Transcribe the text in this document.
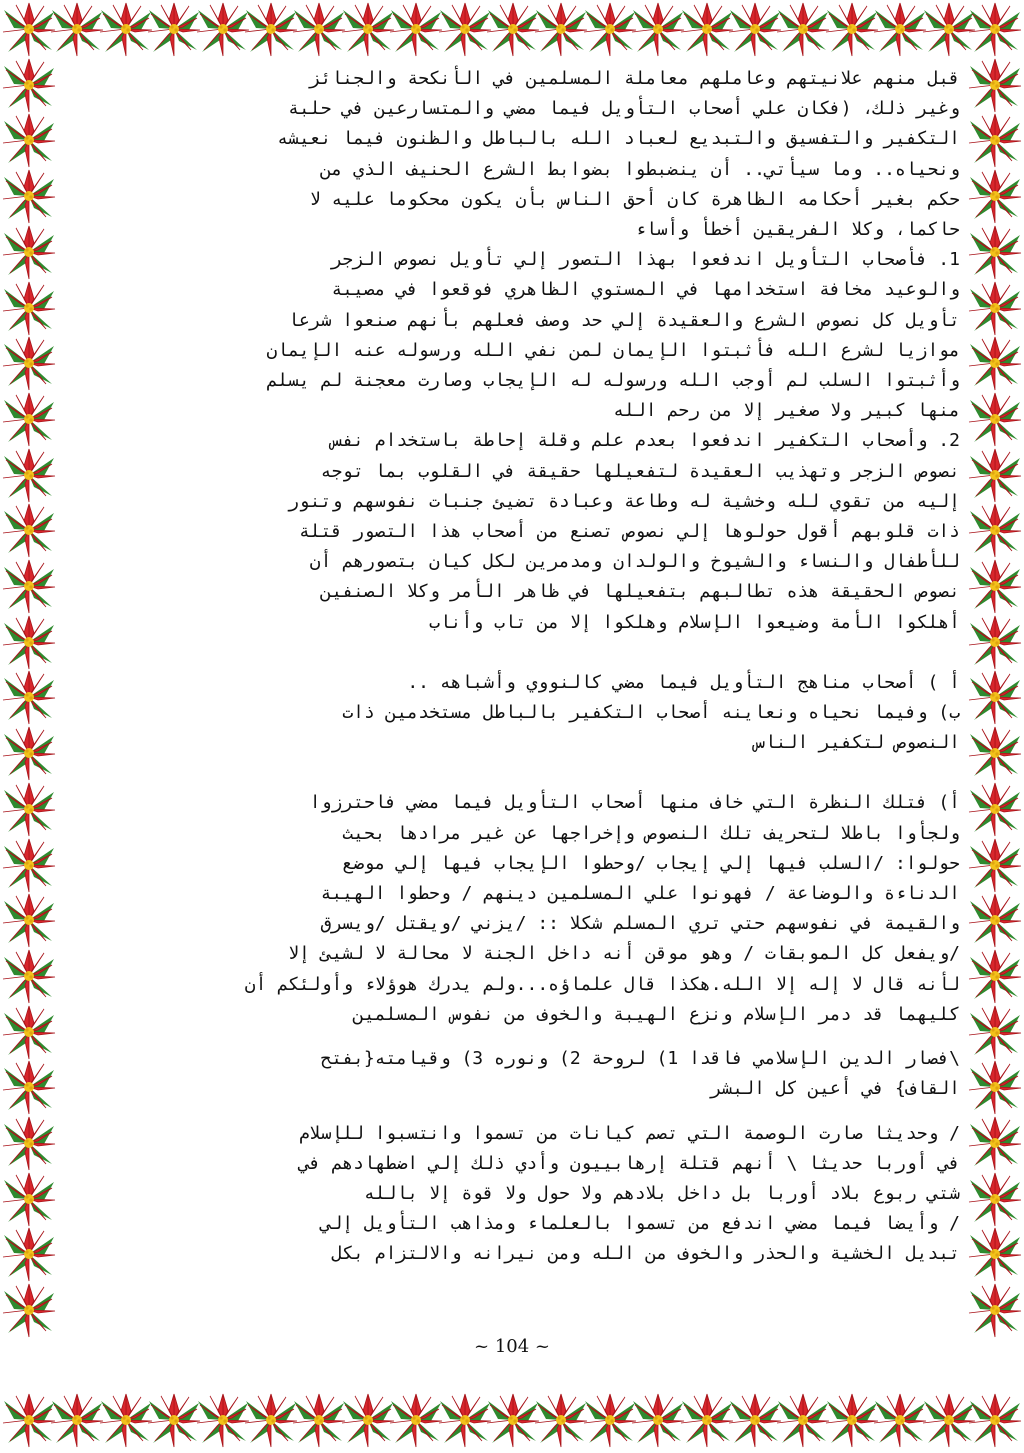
قبل منهم علانيتهم وعاملهم معاملة المسلمين في الأنكحة والجنائز

وغير ذلك، (فكان علي أصحاب التأويل فيما مضي والمتسارعين في حلبة

التكفير والتفسيق والتبديع لعباد الله بالباطل والظنون فيما نعيشه

ونحياه.. وما سيأتي.. أن ينضبطوا بضوابط الشرع الحنيف الذي من

حكم بغير أحكامه الظاهرة كان أحق الناس بأن يكون محكوما عليه لا

حاكما، وكلا الفريقين أخطأ وأساء

1. فأصحاب التأويل اندفعوا بهذا التصور إلي تأويل نصوص الزجر

والوعيد مخافة استخدامها في المستوي الظاهري فوقعوا في مصيبة

تأويل كل نصوص الشرع والعقيدة إلي حد وصف فعلهم بأنهم صنعوا شرعا

موازيا لشرع الله فأثبتوا الإيمان لمن نفي الله ورسوله عنه الإيمان

وأثبتوا السلب لم أوجب الله ورسوله له الإيجاب وصارت معجنة لم يسلم

منها كبير ولا صغير إلا من رحم الله

2. وأصحاب التكفير اندفعوا بعدم علم وقلة إحاطة باستخدام نفس

نصوص الزجر وتهذيب العقيدة لتفعيلها حقيقة في القلوب بما توجه

إليه من تقوي لله وخشية له وطاعة وعبادة تضيئ جنبات نفوسهم وتنور

ذات قلوبهم أقول حولوها إلي نصوص تصنع من أصحاب هذا التصور قتلة

للأطفال والنساء والشيوخ والولدان ومدمرين لكل كيان بتصورهم أن

نصوص الحقيقة هذه تطالبهم بتفعيلها في ظاهر الأمر وكلا الصنفين

أهلكوا الأمة وضيعوا الإسلام وهلكوا إلا من تاب وأناب

أ ) أصحاب مناهج التأويل فيما مضي كالنووي وأشباهه ..

ب) وفيما نحياه ونعاينه أصحاب التكفير بالباطل مستخدمين ذات

النصوص لتكفير الناس

أ) فتلك النظرة التي خاف منها أصحاب التأويل فيما مضي فاحترزوا

ولجأوا باطلا لتحريف تلك النصوص وإخراجها عن غير مرادها بحيث

حولوا: /السلب فيها إلي إيجاب /وحطوا الإيجاب فيها إلي موضع

الدناءة والوضاعة / فهونوا علي المسلمين دينهم / وحطوا الهيبة

والقيمة في نفوسهم حتي تري المسلم شكلا :: /يزني /ويقتل /ويسرق

/ويفعل كل الموبقات / وهو موقن أنه داخل الجنة لا محالة لا لشيئ إلا

لأنه قال لا إله إلا الله.هكذا قال علماؤه...ولم يدرك هوؤلاء وأولئكم أن

كليهما قد دمر الإسلام ونزع الهيبة والخوف من نفوس المسلمين

\فصار الدين الإسلامي فاقدا 1) لروحة 2) ونوره 3) وقيامته{بفتح

القاف} في أعين كل البشر

/ وحديثا صارت الوصمة التي تصم كيانات من تسموا وانتسبوا للإسلام

في أوربا حديثا \ أنهم قتلة إرهابييون وأدي ذلك إلي اضطهادهم في

شتي ربوع بلاد أوربا بل داخل بلادهم ولا حول ولا قوة إلا بالله

/ وأيضا فيما مضي اندفع من تسموا بالعلماء ومذاهب التأويل إلي

تبديل الخشية والحذر والخوف من الله ومن نيرانه والالتزام بكل

~ 104 ~
